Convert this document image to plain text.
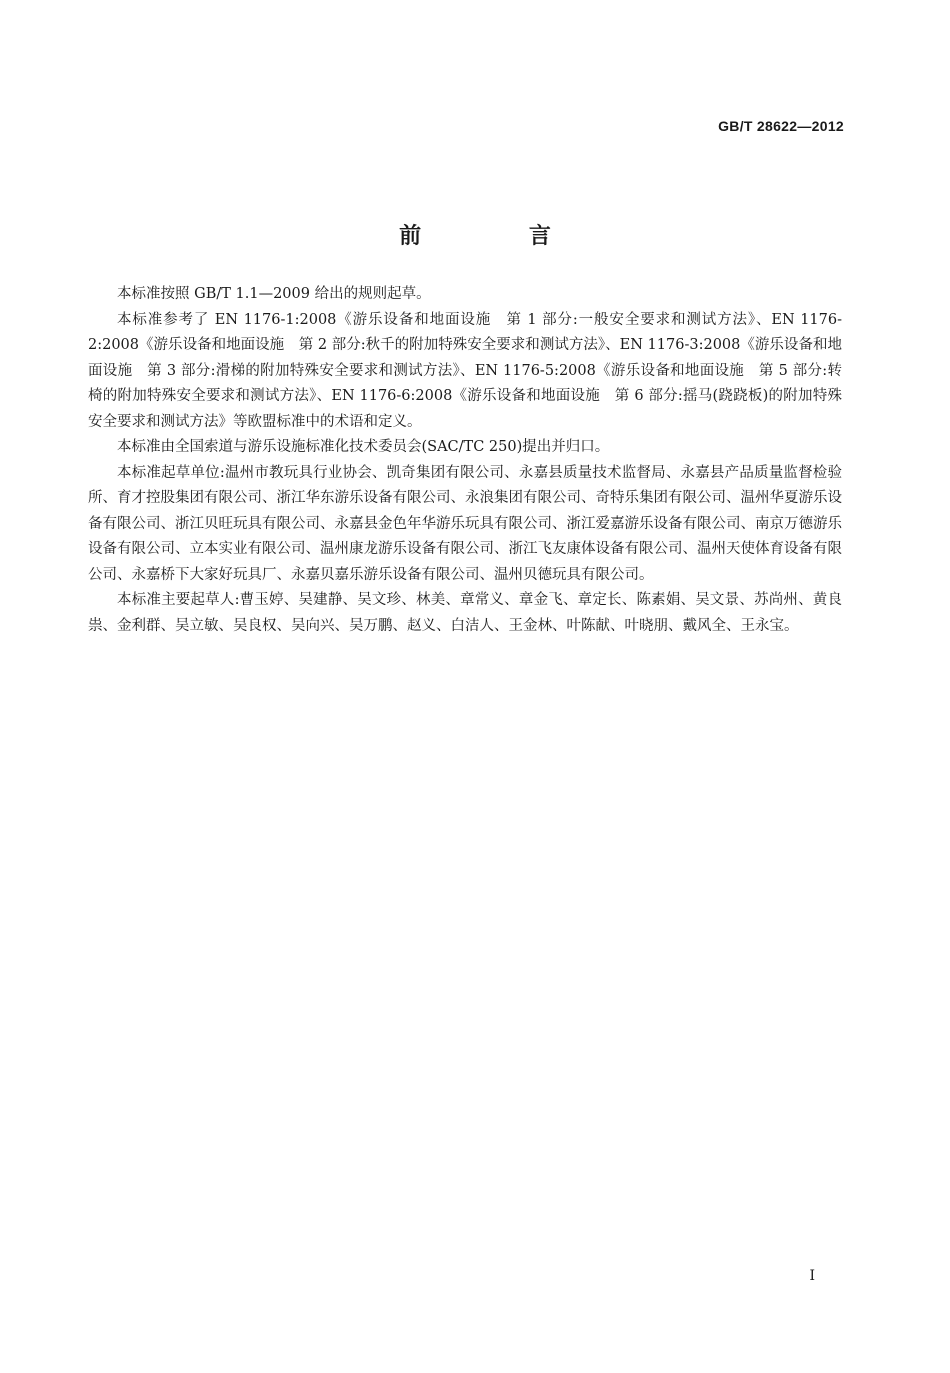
GB/T 28622—2012
前 言

本标准按照 GB/T 1.1—2009 给出的规则起草。

本标准参考了 EN 1176-1:2008《游乐设备和地面设施　第 1 部分:一般安全要求和测试方法》、EN 1176-2:2008《游乐设备和地面设施　第 2 部分:秋千的附加特殊安全要求和测试方法》、EN 1176-3:2008《游乐设备和地面设施　第 3 部分:滑梯的附加特殊安全要求和测试方法》、EN 1176-5:2008《游乐设备和地面设施　第 5 部分:转椅的附加特殊安全要求和测试方法》、EN 1176-6:2008《游乐设备和地面设施　第 6 部分:摇马(跷跷板)的附加特殊安全要求和测试方法》等欧盟标准中的术语和定义。

本标准由全国索道与游乐设施标准化技术委员会(SAC/TC 250)提出并归口。

本标准起草单位:温州市教玩具行业协会、凯奇集团有限公司、永嘉县质量技术监督局、永嘉县产品质量监督检验所、育才控股集团有限公司、浙江华东游乐设备有限公司、永浪集团有限公司、奇特乐集团有限公司、温州华夏游乐设备有限公司、浙江贝旺玩具有限公司、永嘉县金色年华游乐玩具有限公司、浙江爱嘉游乐设备有限公司、南京万德游乐设备有限公司、立本实业有限公司、温州康龙游乐设备有限公司、浙江飞友康体设备有限公司、温州天使体育设备有限公司、永嘉桥下大家好玩具厂、永嘉贝嘉乐游乐设备有限公司、温州贝德玩具有限公司。

本标准主要起草人:曹玉婷、吴建静、吴文珍、林美、章常义、章金飞、章定长、陈素娟、吴文景、苏尚州、黄良祟、金利群、吴立敏、吴良权、吴向兴、吴万鹏、赵义、白洁人、王金林、叶陈献、叶晓朋、戴风全、王永宝。

I
